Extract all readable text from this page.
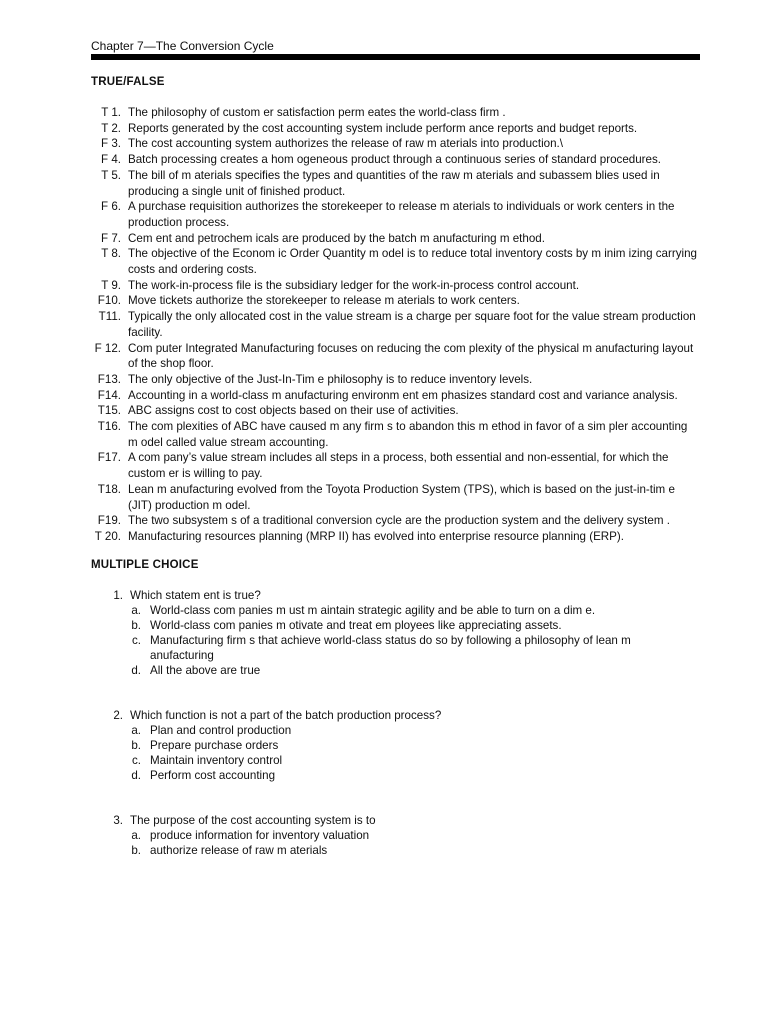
Chapter 7—The Conversion Cycle
TRUE/FALSE
T 1. The philosophy of custom er satisfaction perm eates the world-class firm .
T 2. Reports generated by the cost accounting system include perform ance reports and budget reports.
F 3. The cost accounting system authorizes the release of raw m aterials into production.\
F 4. Batch processing creates a hom ogeneous product through a continuous series of standard procedures.
T 5. The bill of m aterials specifies the types and quantities of the raw m aterials and subassem blies used in producing a single unit of finished product.
F 6. A purchase requisition authorizes the storekeeper to release m aterials to individuals or work centers in the production process.
F 7. Cem ent and petrochem icals are produced by the batch m anufacturing m ethod.
T 8. The objective of the Econom ic Order Quantity m odel is to reduce total inventory costs by m inim izing carrying costs and ordering costs.
T 9. The work-in-process file is the subsidiary ledger for the work-in-process control account.
F10. Move tickets authorize the storekeeper to release m aterials to work centers.
T11. Typically the only allocated cost in the value stream is a charge per square foot for the value stream production facility.
F 12. Com puter Integrated Manufacturing focuses on reducing the com plexity of the physical m anufacturing layout of the shop floor.
F13. The only objective of the Just-In-Tim e philosophy is to reduce inventory levels.
F14. Accounting in a world-class m anufacturing environm ent em phasizes standard cost and variance analysis.
T15. ABC assigns cost to cost objects based on their use of activities.
T16. The com plexities of ABC have caused m any firm s to abandon this m ethod in favor of a sim pler accounting m odel called value stream accounting.
F17. A com pany’s value stream includes all steps in a process, both essential and non-essential, for which the custom er is willing to pay.
T18. Lean m anufacturing evolved from the Toyota Production System (TPS), which is based on the just-in-tim e (JIT) production m odel.
F19. The two subsystem s of a traditional conversion cycle are the production system and the delivery system .
T 20. Manufacturing resources planning (MRP II) has evolved into enterprise resource planning (ERP).
MULTIPLE CHOICE
1. Which statem ent is true?
a. World-class com panies m ust m aintain strategic agility and be able to turn on a dim e.
b. World-class com panies m otivate and treat em ployees like appreciating assets.
c. Manufacturing firm s that achieve world-class status do so by following a philosophy of lean m anufacturing
d. All the above are true
2. Which function is not a part of the batch production process?
a. Plan and control production
b. Prepare purchase orders
c. Maintain inventory control
d. Perform cost accounting
3. The purpose of the cost accounting system is to
a. produce information for inventory valuation
b. authorize release of raw m aterials
